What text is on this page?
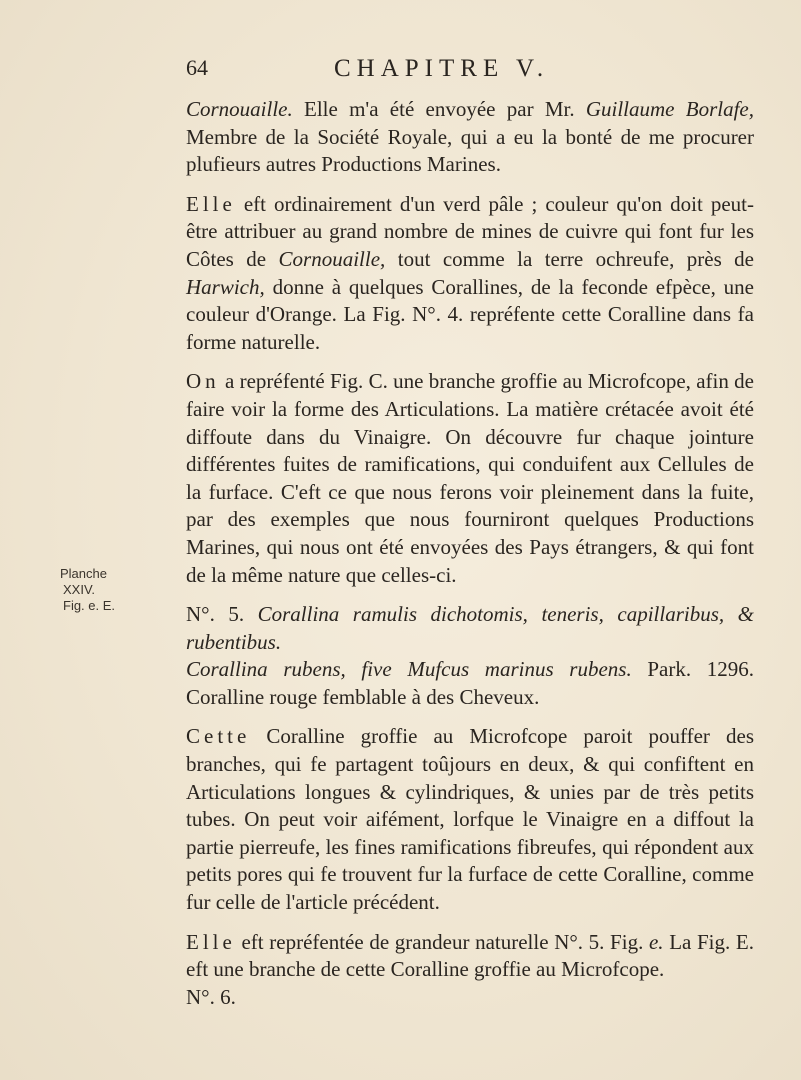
64	CHAPITRE V.
Planche
XXIV.
Fig. e. E.

Cornouaille. Elle m'a été envoyée par Mr. Guillaume Borlafe, Membre de la Société Royale, qui a eu la bonté de me procurer plufieurs autres Productions Marines.

Elle eft ordinairement d'un verd pâle ; couleur qu'on doit peut-être attribuer au grand nombre de mines de cuivre qui font fur les Côtes de Cornouaille, tout comme la terre ochreufe, près de Harwich, donne à quelques Corallines, de la feconde efpèce, une couleur d'Orange. La Fig. N°. 4. repréfente cette Coralline dans fa forme naturelle.

On a repréfenté Fig. C. une branche groffie au Microfcope, afin de faire voir la forme des Articulations. La matière crétacée avoit été diffoute dans du Vinaigre. On découvre fur chaque jointure différentes fuites de ramifications, qui conduifent aux Cellules de la furface. C'eft ce que nous ferons voir pleinement dans la fuite, par des exemples que nous fourniront quelques Productions Marines, qui nous ont été envoyées des Pays étrangers, & qui font de la même nature que celles-ci.

N°. 5. Corallina ramulis dichotomis, teneris, capillaribus, & rubentibus.

Corallina rubens, five Mufcus marinus rubens. Park. 1296. Coralline rouge femblable à des Cheveux.

Cette Coralline groffie au Microfcope paroit pouffer des branches, qui fe partagent toûjours en deux, & qui confiftent en Articulations longues & cylindriques, & unies par de très petits tubes. On peut voir aifément, lorfque le Vinaigre en a diffout la partie pierreufe, les fines ramifications fibreufes, qui répondent aux petits pores qui fe trouvent fur la furface de cette Coralline, comme fur celle de l'article précédent.

Elle eft repréfentée de grandeur naturelle N°. 5. Fig. e. La Fig. E. eft une branche de cette Coralline groffie au Microfcope.

N°. 6.
